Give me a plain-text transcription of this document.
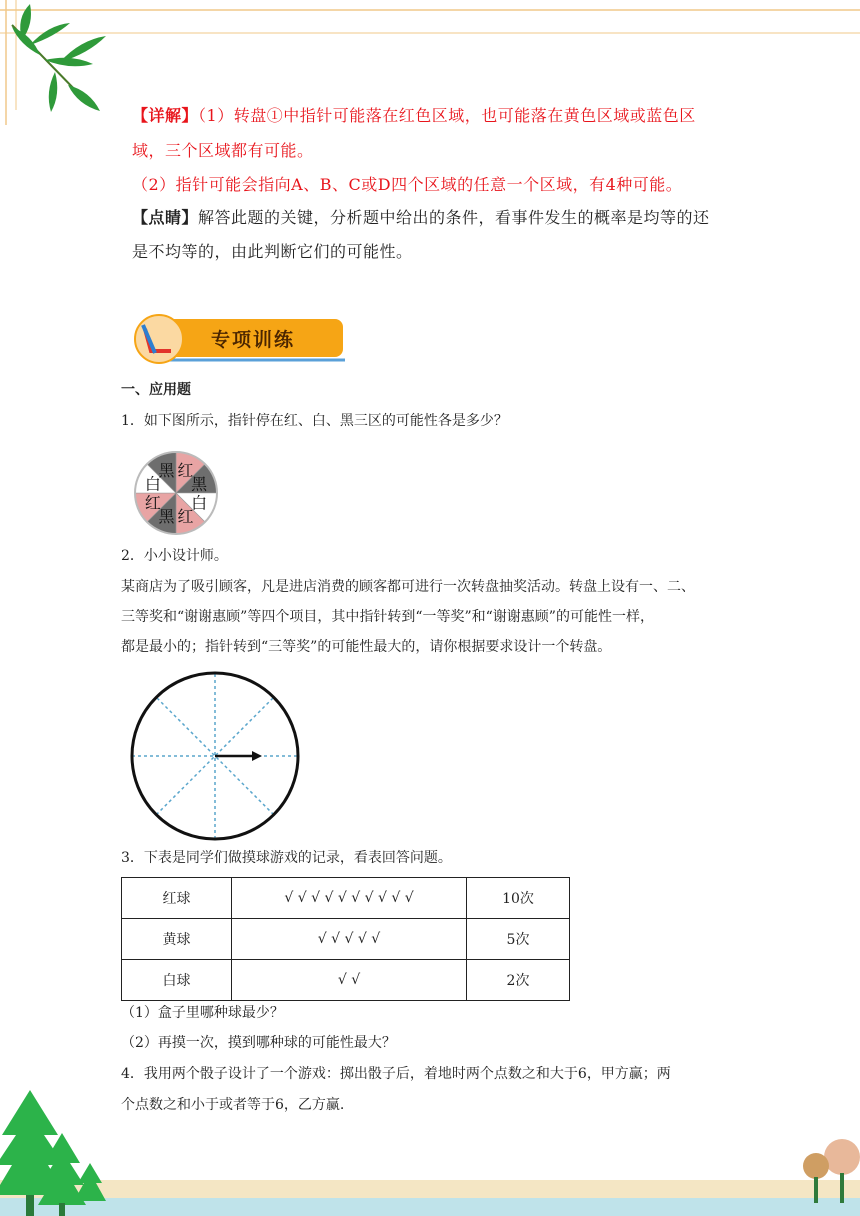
【详解】（1）转盘①中指针可能落在红色区域，也可能落在黄色区域或蓝色区
域，三个区域都有可能。
（2）指针可能会指向A、B、C或D四个区域的任意一个区域，有4种可能。
【点睛】解答此题的关键，分析题中给出的条件，看事件发生的概率是均等的还
是不均等的，由此判断它们的可能性。
专项训练
一、应用题
1．如下图所示，指针停在红、白、黑三区的可能性各是多少？
红
黑
白
红
黑
红
白
黑
2．小小设计师。
某商店为了吸引顾客，凡是进店消费的顾客都可进行一次转盘抽奖活动。转盘上设有一、二、
三等奖和“谢谢惠顾”等四个项目，其中指针转到“一等奖”和“谢谢惠顾”的可能性一样，
都是最小的；指针转到“三等奖”的可能性最大的，请你根据要求设计一个转盘。
3．下表是同学们做摸球游戏的记录，看表回答问题。
红球	√ √ √ √ √ √ √ √ √ √	10次
黄球	√ √ √ √ √	5次
白球	√ √	2次
（1）盒子里哪种球最少？
（2）再摸一次，摸到哪种球的可能性最大？
4．我用两个骰子设计了一个游戏：掷出骰子后，着地时两个点数之和大于6，甲方赢；两
个点数之和小于或者等于6，乙方赢.
